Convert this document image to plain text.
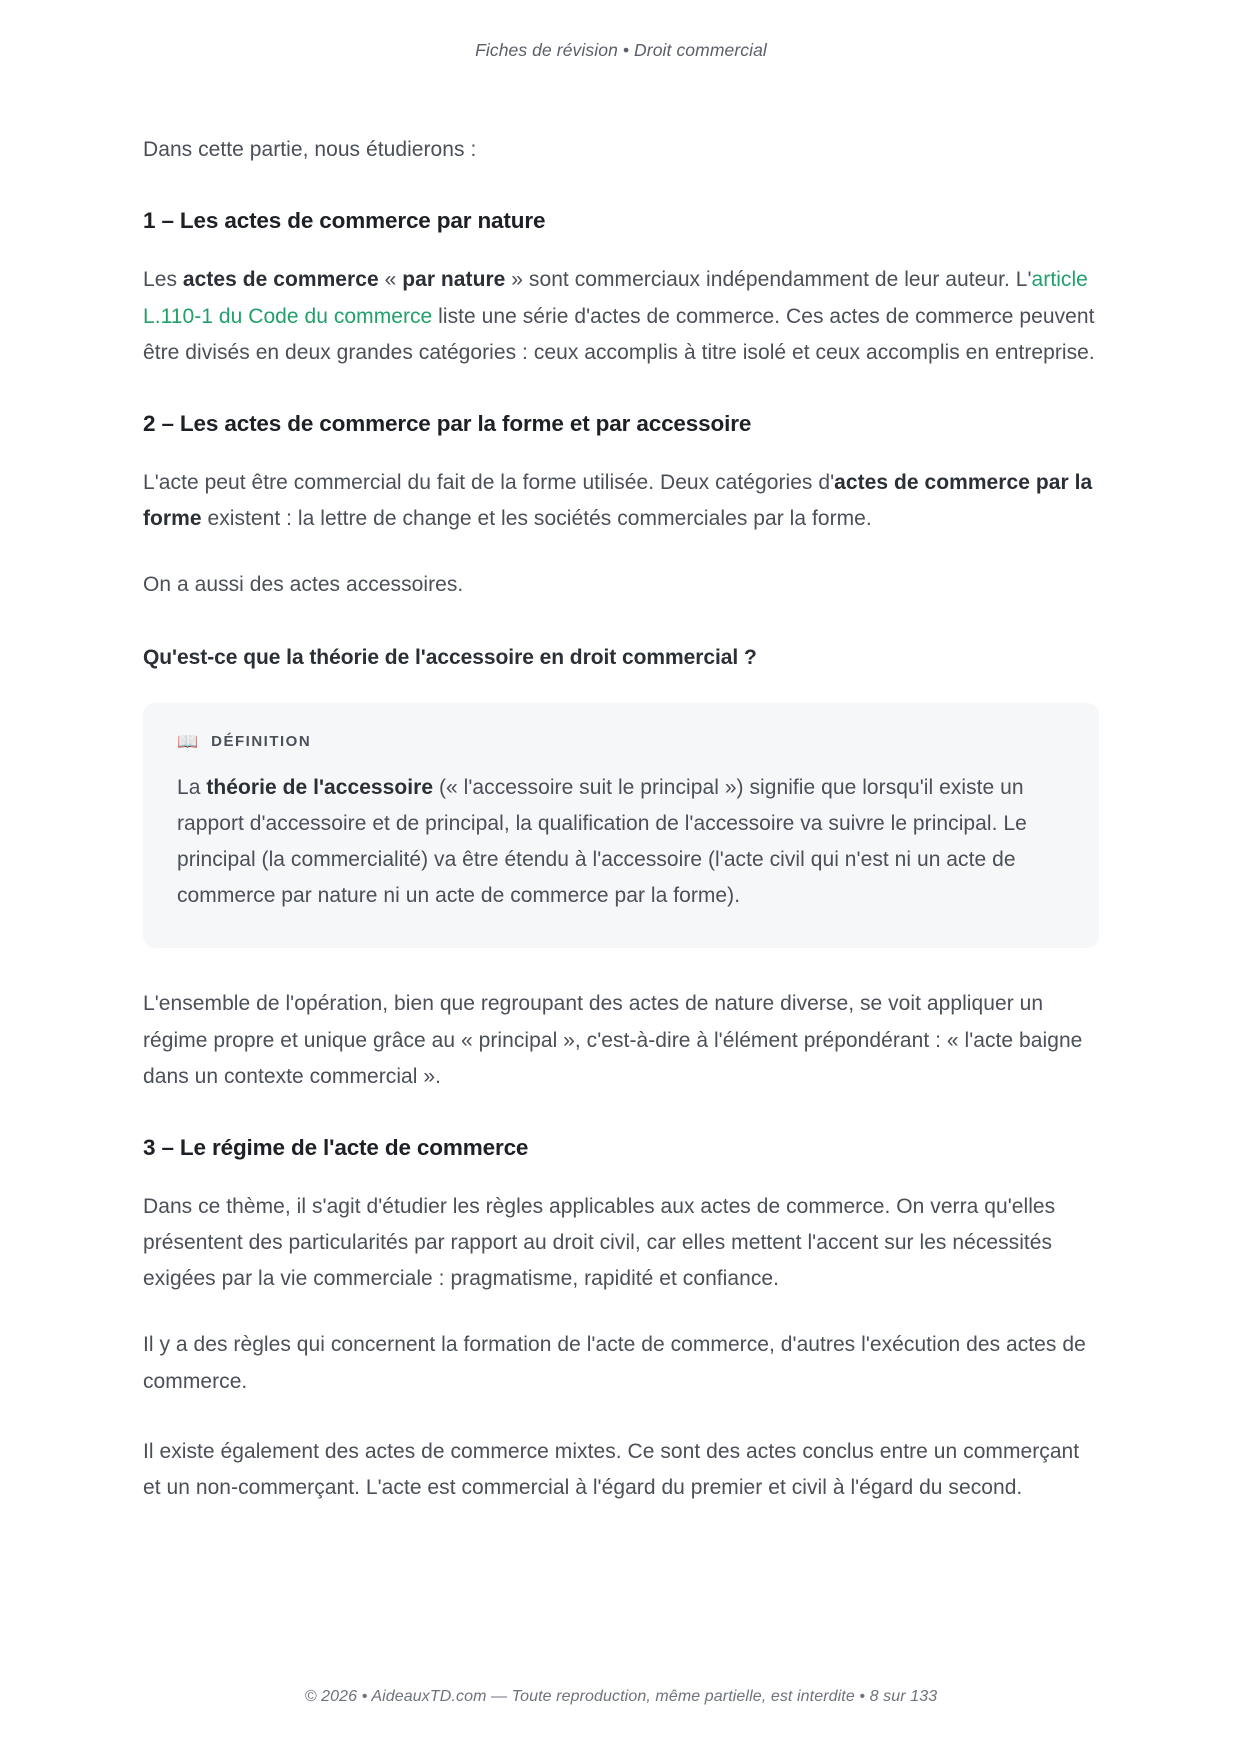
Fiches de révision • Droit commercial

Dans cette partie, nous étudierons :

1 – Les actes de commerce par nature

Les actes de commerce « par nature » sont commerciaux indépendamment de leur auteur. L'article L.110-1 du Code du commerce liste une série d'actes de commerce. Ces actes de commerce peuvent être divisés en deux grandes catégories : ceux accomplis à titre isolé et ceux accomplis en entreprise.

2 – Les actes de commerce par la forme et par accessoire

L'acte peut être commercial du fait de la forme utilisée. Deux catégories d'actes de commerce par la forme existent : la lettre de change et les sociétés commerciales par la forme.

On a aussi des actes accessoires.

Qu'est-ce que la théorie de l'accessoire en droit commercial ?
📖 DÉFINITION

La théorie de l'accessoire (« l'accessoire suit le principal ») signifie que lorsqu'il existe un rapport d'accessoire et de principal, la qualification de l'accessoire va suivre le principal. Le principal (la commercialité) va être étendu à l'accessoire (l'acte civil qui n'est ni un acte de commerce par nature ni un acte de commerce par la forme).

L'ensemble de l'opération, bien que regroupant des actes de nature diverse, se voit appliquer un régime propre et unique grâce au « principal », c'est-à-dire à l'élément prépondérant : « l'acte baigne dans un contexte commercial ».

3 – Le régime de l'acte de commerce

Dans ce thème, il s'agit d'étudier les règles applicables aux actes de commerce. On verra qu'elles présentent des particularités par rapport au droit civil, car elles mettent l'accent sur les nécessités exigées par la vie commerciale : pragmatisme, rapidité et confiance.

Il y a des règles qui concernent la formation de l'acte de commerce, d'autres l'exécution des actes de commerce.

Il existe également des actes de commerce mixtes. Ce sont des actes conclus entre un commerçant et un non-commerçant. L'acte est commercial à l'égard du premier et civil à l'égard du second.

© 2026 • AideauxTD.com — Toute reproduction, même partielle, est interdite • 8 sur 133
